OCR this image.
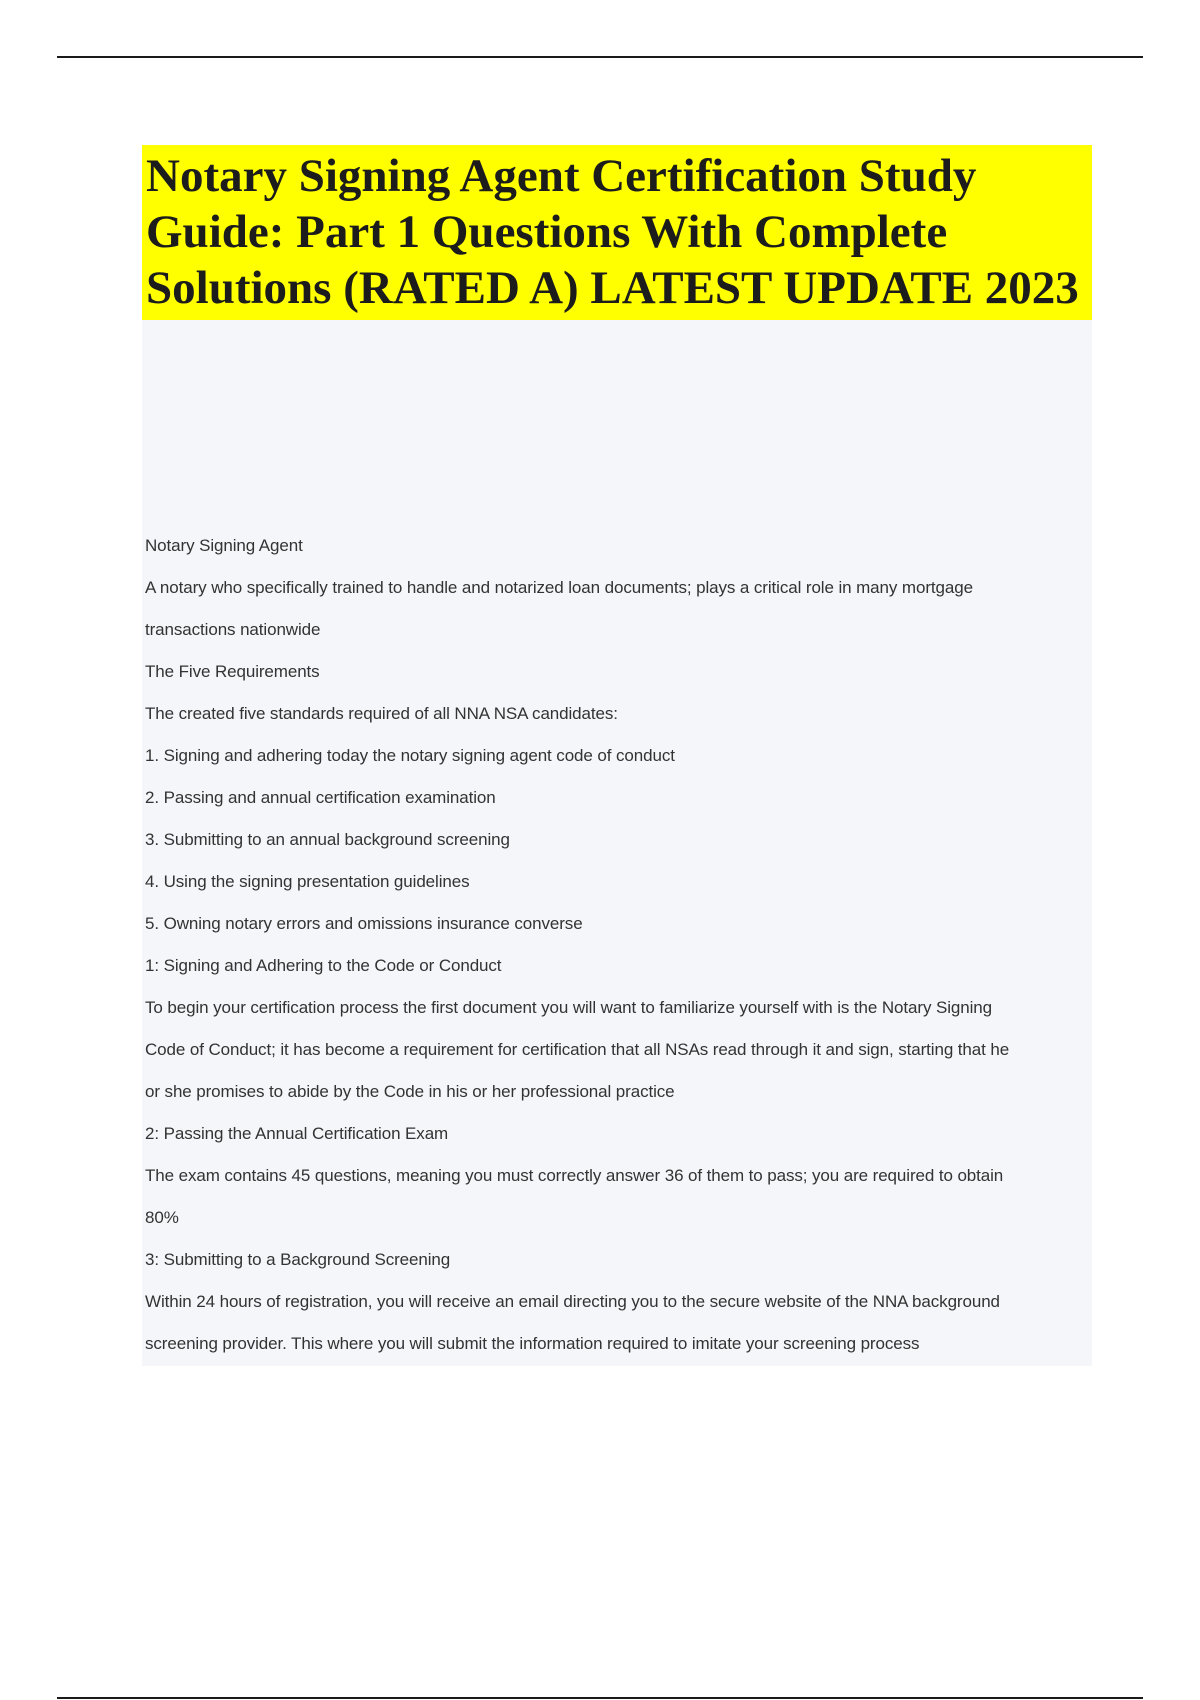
Notary Signing Agent Certification Study Guide: Part 1 Questions With Complete Solutions (RATED A) LATEST UPDATE 2023
Notary Signing Agent
A notary who specifically trained to handle and notarized loan documents; plays a critical role in many mortgage
transactions nationwide
The Five Requirements
The created five standards required of all NNA NSA candidates:
1. Signing and adhering today the notary signing agent code of conduct
2. Passing and annual certification examination
3. Submitting to an annual background screening
4. Using the signing presentation guidelines
5. Owning notary errors and omissions insurance converse
1: Signing and Adhering to the Code or Conduct
To begin your certification process the first document you will want to familiarize yourself with is the Notary Signing
Code of Conduct; it has become a requirement for certification that all NSAs read through it and sign, starting that he
or she promises to abide by the Code in his or her professional practice
2: Passing the Annual Certification Exam
The exam contains 45 questions, meaning you must correctly answer 36 of them to pass; you are required to obtain
80%
3: Submitting to a Background Screening
Within 24 hours of registration, you will receive an email directing you to the secure website of the NNA background
screening provider. This where you will submit the information required to imitate your screening process
